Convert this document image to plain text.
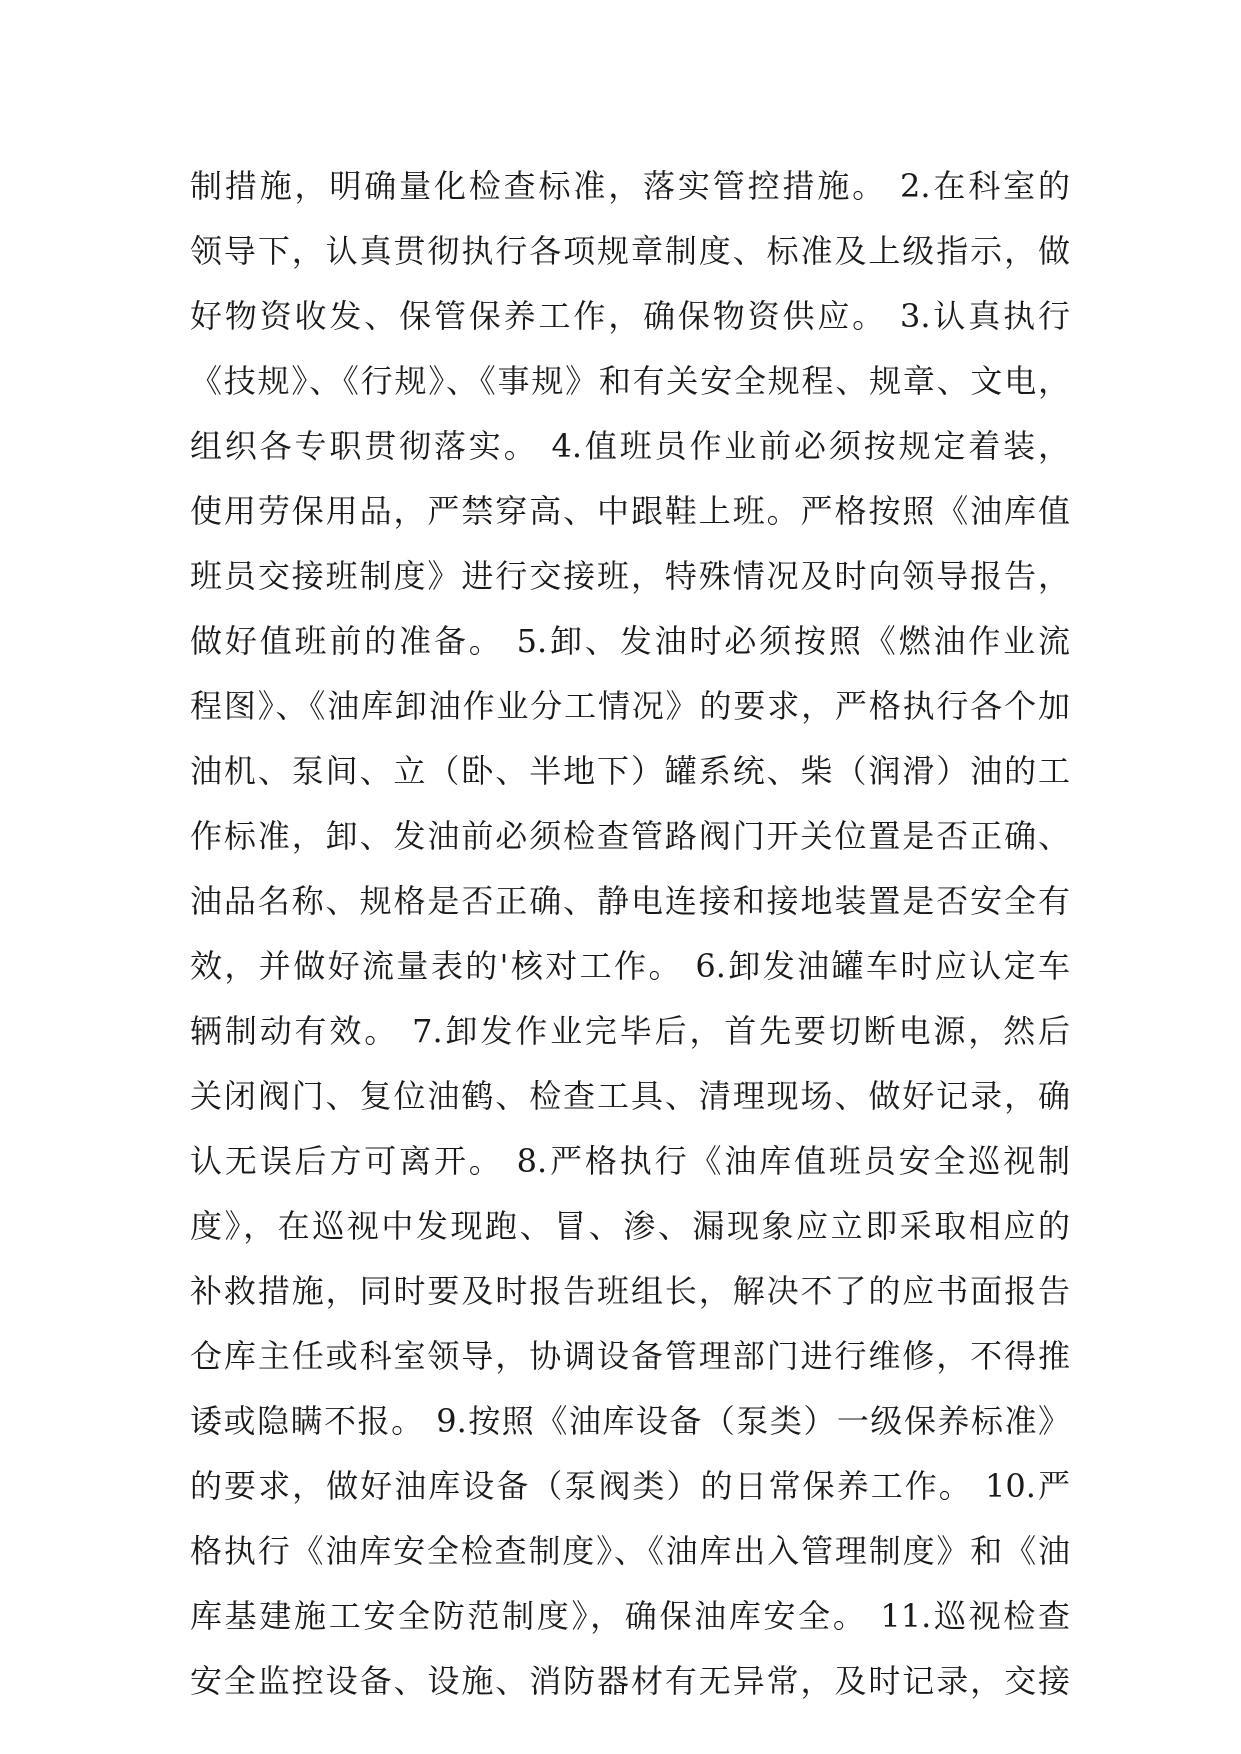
制措施，明确量化检查标准，落实管控措施。 2.在科室的
领导下，认真贯彻执行各项规章制度、标准及上级指示，做
好物资收发、保管保养工作，确保物资供应。 3.认真执行
《技规》、《行规》、《事规》和有关安全规程、规章、文电，
组织各专职贯彻落实。 4.值班员作业前必须按规定着装，
使用劳保用品，严禁穿高、中跟鞋上班。严格按照《油库值
班员交接班制度》进行交接班，特殊情况及时向领导报告，
做好值班前的准备。 5.卸、发油时必须按照《燃油作业流
程图》、《油库卸油作业分工情况》的要求，严格执行各个加
油机、泵间、立（卧、半地下）罐系统、柴（润滑）油的工
作标准，卸、发油前必须检查管路阀门开关位置是否正确、
油品名称、规格是否正确、静电连接和接地装置是否安全有
效，并做好流量表的'核对工作。 6.卸发油罐车时应认定车
辆制动有效。 7.卸发作业完毕后，首先要切断电源，然后
关闭阀门、复位油鹤、检查工具、清理现场、做好记录，确
认无误后方可离开。 8.严格执行《油库值班员安全巡视制
度》，在巡视中发现跑、冒、渗、漏现象应立即采取相应的
补救措施，同时要及时报告班组长，解决不了的应书面报告
仓库主任或科室领导，协调设备管理部门进行维修，不得推
诿或隐瞒不报。 9.按照《油库设备（泵类）一级保养标准》
的要求，做好油库设备（泵阀类）的日常保养工作。 10.严
格执行《油库安全检查制度》、《油库出入管理制度》和《油
库基建施工安全防范制度》，确保油库安全。 11.巡视检查
安全监控设备、设施、消防器材有无异常，及时记录，交接
